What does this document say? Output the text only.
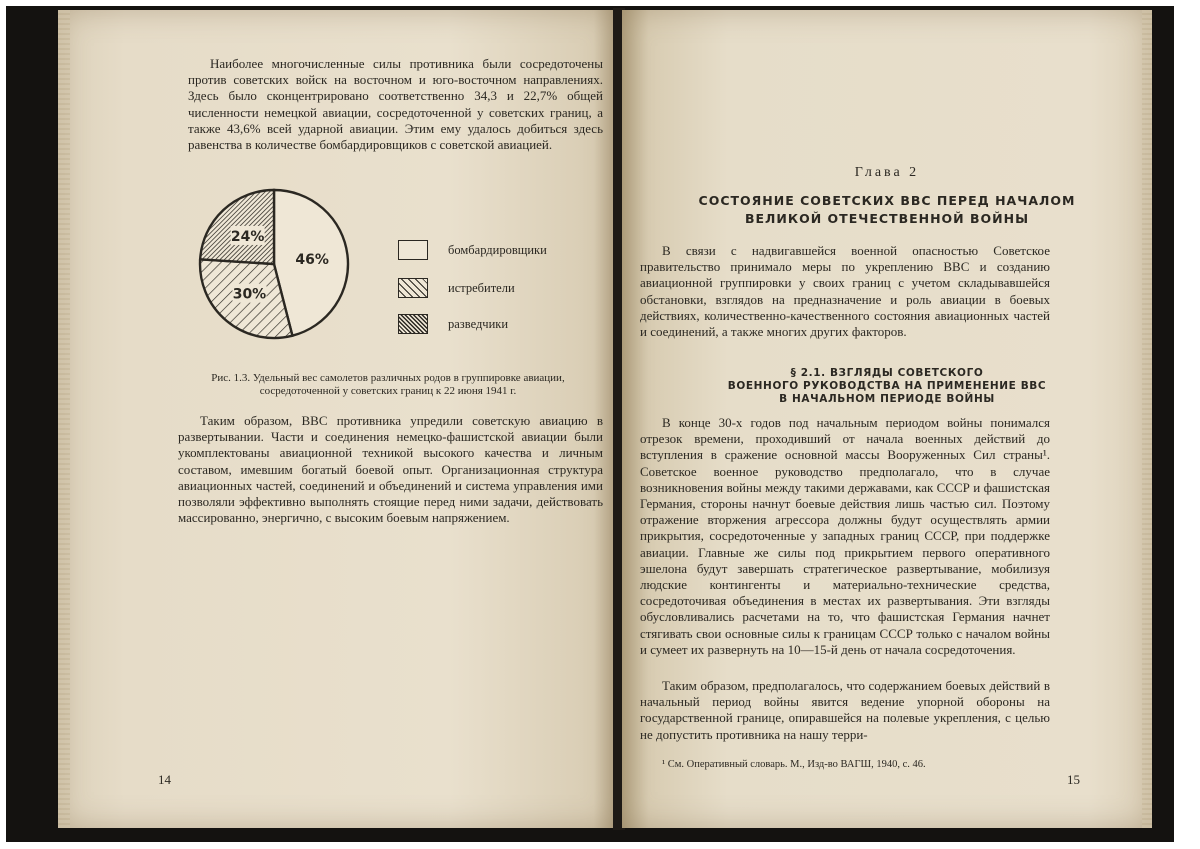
Наиболее многочисленные силы противника были сосредоточены против советских войск на восточном и юго-восточном направлениях. Здесь было сконцентрировано соответственно 34,3 и 22,7% общей численности немецкой авиации, сосредоточенной у советских границ, а также 43,6% всей ударной авиации. Этим ему удалось добиться здесь равенства в количестве бомбардировщиков с советской авиацией.

46%
30%
24%
бомбардировщики
истребители
разведчики

Рис. 1.3. Удельный вес самолетов различных родов в группировке авиации, сосредоточенной у советских границ к 22 июня 1941 г.

Таким образом, ВВС противника упредили советскую авиацию в развертывании. Части и соединения немецко-фашистской авиации были укомплектованы авиационной техникой высокого качества и личным составом, имевшим богатый боевой опыт. Организационная структура авиационных частей, соединений и объединений и система управления ими позволяли эффективно выполнять стоящие перед ними задачи, действовать массированно, энергично, с высоким боевым напряжением.

14

Глава 2

СОСТОЯНИЕ СОВЕТСКИХ ВВС ПЕРЕД НАЧАЛОМ

ВЕЛИКОЙ ОТЕЧЕСТВЕННОЙ ВОЙНЫ

В связи с надвигавшейся военной опасностью Советское правительство принимало меры по укреплению ВВС и созданию авиационной группировки у своих границ с учетом складывавшейся обстановки, взглядов на предназначение и роль авиации в боевых действиях, количественно-качественного состояния авиационных частей и соединений, а также многих других факторов.

§ 2.1. ВЗГЛЯДЫ СОВЕТСКОГО

ВОЕННОГО РУКОВОДСТВА НА ПРИМЕНЕНИЕ ВВС

В НАЧАЛЬНОМ ПЕРИОДЕ ВОЙНЫ

В конце 30-х годов под начальным периодом войны понимался отрезок времени, проходивший от начала военных действий до вступления в сражение основной массы Вооруженных Сил страны¹. Советское военное руководство предполагало, что в случае возникновения войны между такими державами, как СССР и фашистская Германия, стороны начнут боевые действия лишь частью сил. Поэтому отражение вторжения агрессора должны будут осуществлять армии прикрытия, сосредоточенные у западных границ СССР, при поддержке авиации. Главные же силы под прикрытием первого оперативного эшелона будут завершать стратегическое развертывание, мобилизуя людские контингенты и материально-технические средства, сосредоточивая объединения в местах их развертывания. Эти взгляды обусловливались расчетами на то, что фашистская Германия начнет стягивать свои основные силы к границам СССР только с началом войны и сумеет их развернуть на 10—15-й день от начала сосредоточения.

Таким образом, предполагалось, что содержанием боевых действий в начальный период войны явится ведение упорной обороны на государственной границе, опиравшейся на полевые укрепления, с целью не допустить противника на нашу терри-

¹ См. Оперативный словарь. М., Изд-во ВАГШ, 1940, с. 46.

15
